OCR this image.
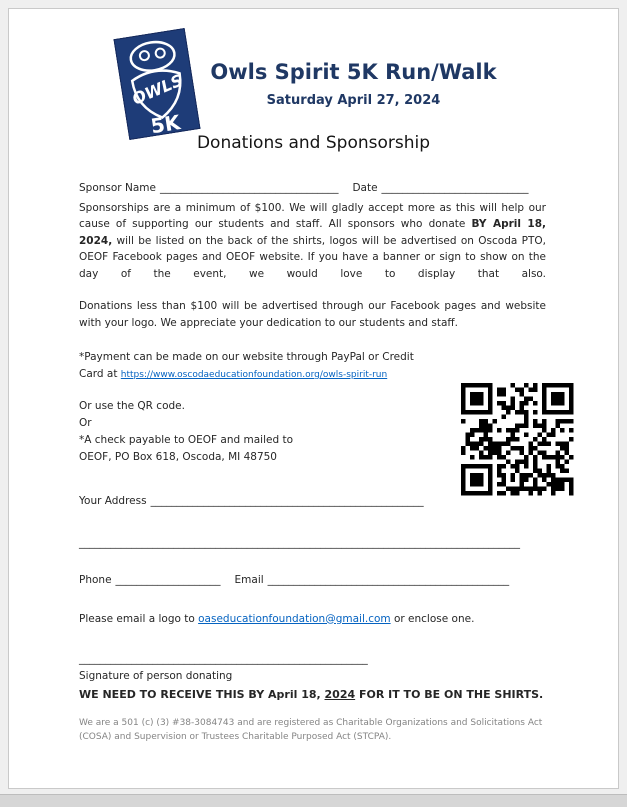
OWLS
5K
Owls Spirit 5K Run/Walk
Saturday April 27, 2024
Donations and Sponsorship
Sponsor Name __________________________________ Date ____________________________

Sponsorships are a minimum of $100. We will gladly accept more as this will help our cause of supporting our students and staff. All sponsors who donate BY April 18, 2024, will be listed on the back of the shirts, logos will be advertised on Oscoda PTO, OEOF Facebook pages and OEOF website. If you have a banner or sign to show on the day of the event, we would love to display that also.

Donations less than $100 will be advertised through our Facebook pages and website with your logo. We appreciate your dedication to our students and staff.

*Payment can be made on our website through PayPal or Credit
Card at https://www.oscodaeducationfoundation.org/owls-spirit-run
Or use the QR code.
Or
*A check payable to OEOF and mailed to
OEOF, PO Box 618, Oscoda, MI 48750
Your Address ____________________________________________________
____________________________________________________________________________________
Phone ____________________ Email ______________________________________________
Please email a logo to oaseducationfoundation@gmail.com or enclose one.
_______________________________________________________
Signature of person donating
WE NEED TO RECEIVE THIS BY April 18, 2024 FOR IT TO BE ON THE SHIRTS.
We are a 501 (c) (3) #38-3084743 and are registered as Charitable Organizations and Solicitations Act (COSA) and Supervision or Trustees Charitable Purposed Act (STCPA).
